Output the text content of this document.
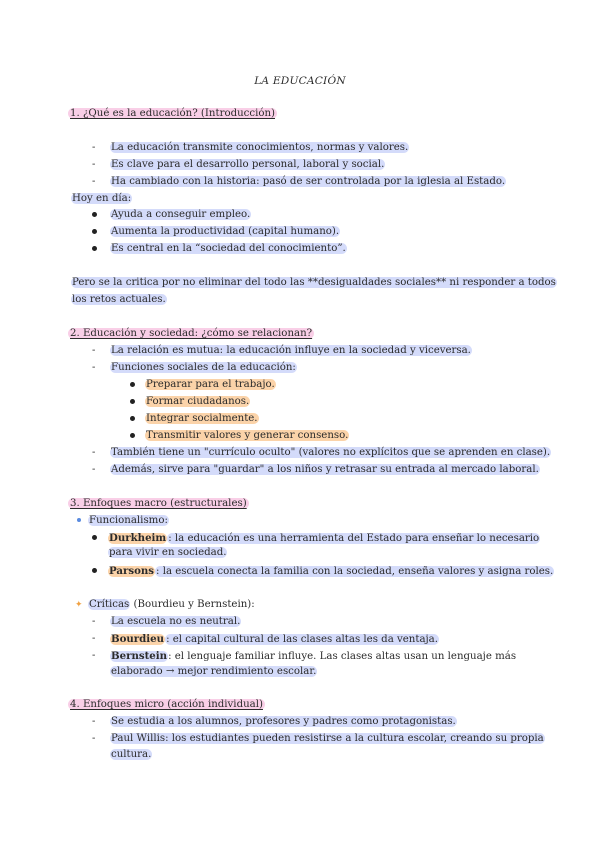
LA EDUCACIÓN
1. ¿Qué es la educación? (Introducción)
- La educación transmite conocimientos, normas y valores.
- Es clave para el desarrollo personal, laboral y social.
- Ha cambiado con la historia: pasó de ser controlada por la iglesia al Estado.
Hoy en día:
Ayuda a conseguir empleo.
Aumenta la productividad (capital humano).
Es central en la “sociedad del conocimiento”.
Pero se la critica por no eliminar del todo las **desigualdades sociales** ni responder a todos
los retos actuales.
2. Educación y sociedad: ¿cómo se relacionan?
- La relación es mutua: la educación influye en la sociedad y viceversa.
- Funciones sociales de la educación:
Preparar para el trabajo.
Formar ciudadanos.
Integrar socialmente.
Transmitir valores y generar consenso.
- También tiene un "currículo oculto" (valores no explícitos que se aprenden en clase).
- Además, sirve para "guardar" a los niños y retrasar su entrada al mercado laboral.
3. Enfoques macro (estructurales)
Funcionalismo:
Durkheim : la educación es una herramienta del Estado para enseñar lo necesario
para vivir en sociedad.
Parsons : la escuela conecta la familia con la sociedad, enseña valores y asigna roles.
✦ Críticas (Bourdieu y Bernstein):
- La escuela no es neutral.
- Bourdieu : el capital cultural de las clases altas les da ventaja.
- Bernstein: el lenguaje familiar influye. Las clases altas usan un lenguaje más
elaborado → mejor rendimiento escolar.
4. Enfoques micro (acción individual)
- Se estudia a los alumnos, profesores y padres como protagonistas.
- Paul Willis: los estudiantes pueden resistirse a la cultura escolar, creando su propia
cultura.
